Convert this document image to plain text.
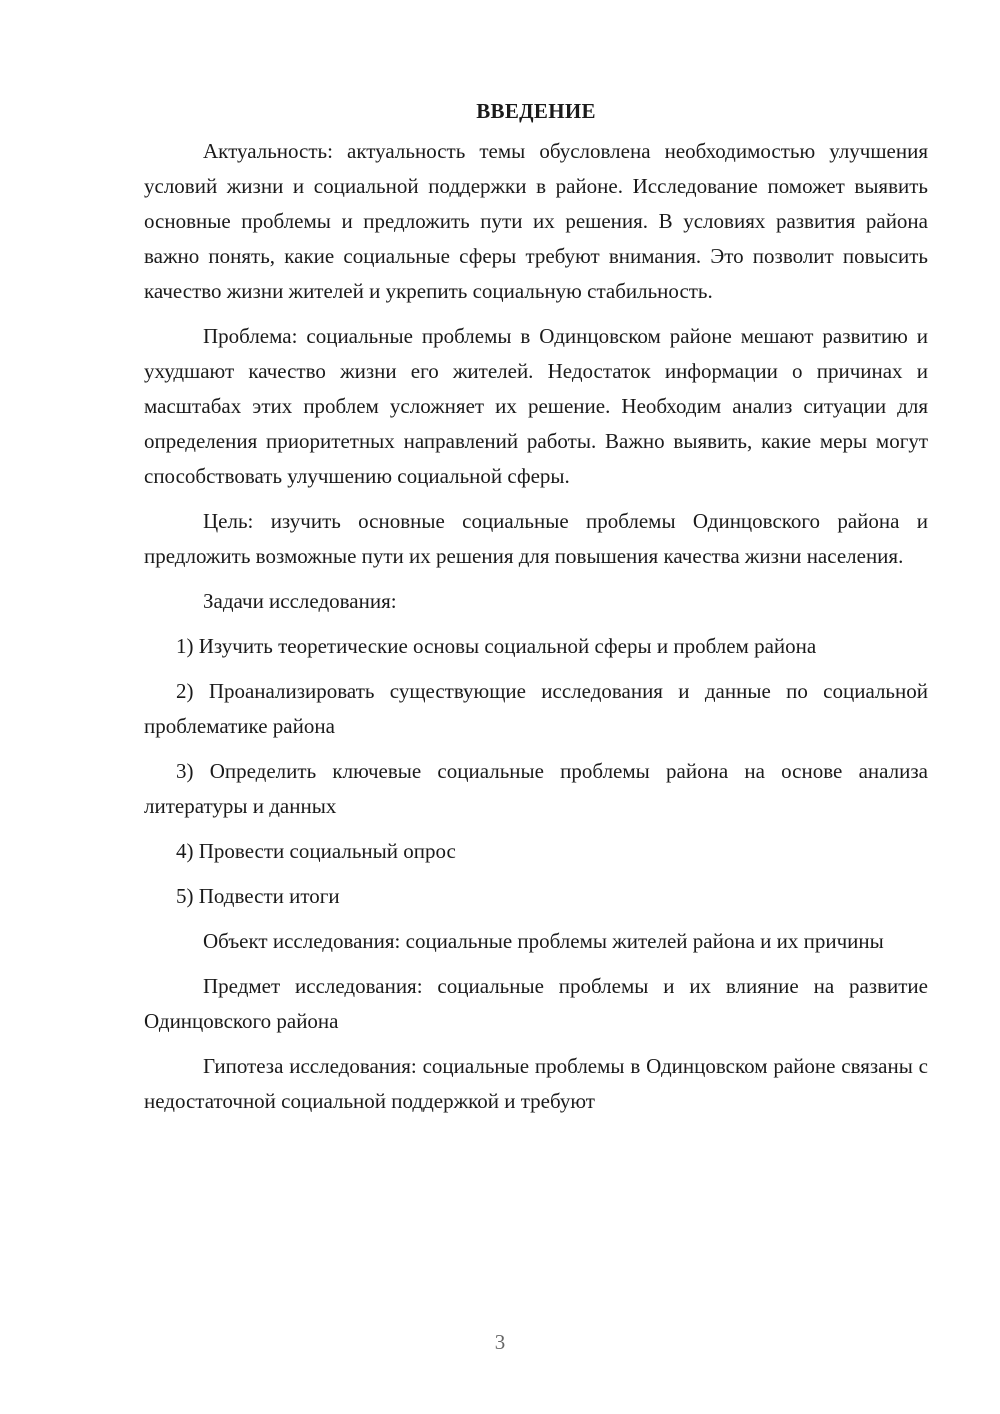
ВВЕДЕНИЕ

Актуальность: актуальность темы обусловлена необходимостью улучшения условий жизни и социальной поддержки в районе. Исследование поможет выявить основные проблемы и предложить пути их решения. В условиях развития района важно понять, какие социальные сферы требуют внимания. Это позволит повысить качество жизни жителей и укрепить социальную стабильность.

Проблема: социальные проблемы в Одинцовском районе мешают развитию и ухудшают качество жизни его жителей. Недостаток информации о причинах и масштабах этих проблем усложняет их решение. Необходим анализ ситуации для определения приоритетных направлений работы. Важно выявить, какие меры могут способствовать улучшению социальной сферы.

Цель: изучить основные социальные проблемы Одинцовского района и предложить возможные пути их решения для повышения качества жизни населения.

Задачи исследования:

1) Изучить теоретические основы социальной сферы и проблем района

2) Проанализировать существующие исследования и данные по социальной проблематике района

3) Определить ключевые социальные проблемы района на основе анализа литературы и данных

4) Провести социальный опрос

5) Подвести итоги

Объект исследования: социальные проблемы жителей района и их причины

Предмет исследования: социальные проблемы и их влияние на развитие Одинцовского района

Гипотеза исследования: социальные проблемы в Одинцовском районе связаны с недостаточной социальной поддержкой и требуют

3
